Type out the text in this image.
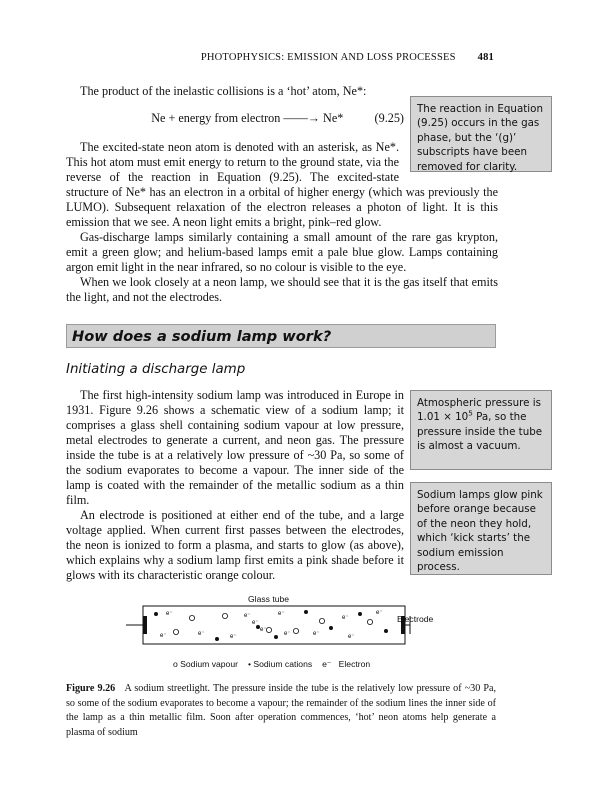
PHOTOPHYSICS: EMISSION AND LOSS PROCESSES 481

The product of the inelastic collisions is a ‘hot’ atom, Ne*:

Ne + energy from electron ——→ Ne*	(9.25)

The excited-state neon atom is denoted with an asterisk, as Ne*. This hot atom must emit energy to return to the ground state, via the reverse of the reaction in Equation (9.25). The excited-state structure of Ne* has an electron in a orbital of higher energy (which was previously the LUMO). Subsequent relaxation of the electron releases a photon of light. It is this emission that we see. A neon light emits a bright, pink–red glow.

Gas-discharge lamps similarly containing a small amount of the rare gas krypton, emit a green glow; and helium-based lamps emit a pale blue glow. Lamps containing argon emit light in the near infrared, so no colour is visible to the eye.

When we look closely at a neon lamp, we should see that it is the gas itself that emits the light, and not the electrodes.

The reaction in Equation (9.25) occurs in the gas phase, but the ‘(g)’ subscripts have been removed for clarity.
How does a sodium lamp work?
Initiating a discharge lamp

The first high-intensity sodium lamp was introduced in Europe in 1931. Figure 9.26 shows a schematic view of a sodium lamp; it comprises a glass shell containing sodium vapour at low pressure, metal electrodes to generate a current, and neon gas. The pressure inside the tube is at a relatively low pressure of ~30 Pa, so some of the sodium evaporates to become a vapour. The inner side of the lamp is coated with the remainder of the metallic sodium as a thin film.

An electrode is positioned at either end of the tube, and a large voltage applied. When current first passes between the electrodes, the neon is ionized to form a plasma, and starts to glow (as above), which explains why a sodium lamp first emits a pink shade before it glows with its characteristic orange colour.

Atmospheric pressure is $1.01 \times 10^5$ Pa, so the pressure inside the tube is almost a vacuum.
Sodium lamps glow pink before orange because of the neon they hold, which ‘kick starts’ the sodium emission process.
Glass tube
e⁻
e⁻	e⁻	e⁻
e⁻
e⁻
e⁻
e⁻
e⁻	e⁻
e⁻
e⁻
e⁻
Electrode
o Sodium vapour • Sodium cations e⁻ Electron
Figure 9.26 A sodium streetlight. The pressure inside the tube is the relatively low pressure of ~30 Pa, so some of the sodium evaporates to become a vapour; the remainder of the sodium lines the inner side of the lamp as a thin metallic film. Soon after operation commences, ‘hot’ neon atoms help generate a plasma of sodium
